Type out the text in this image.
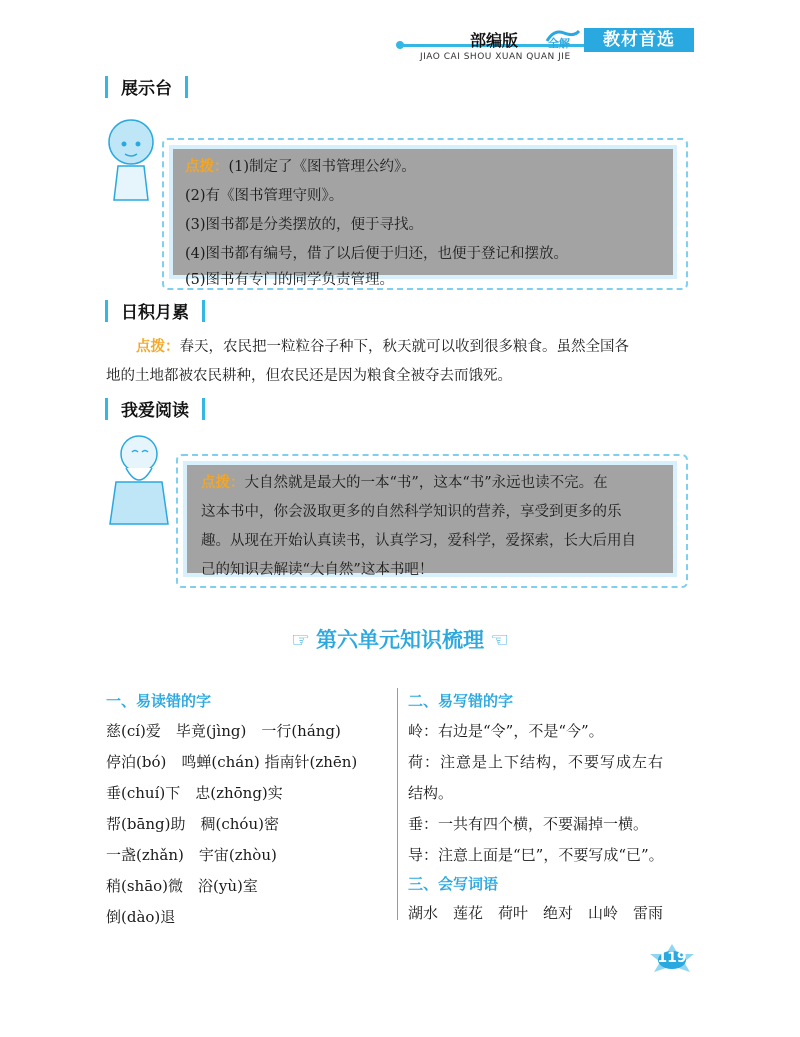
部编版	全解	教材首选
JIAO CAI SHOU XUAN QUAN JIE
展示台
点拨：(1)制定了《图书管理公约》。
(2)有《图书管理守则》。
(3)图书都是分类摆放的，便于寻找。
(4)图书都有编号，借了以后便于归还，也便于登记和摆放。
(5)图书有专门的同学负责管理。
日积月累
点拨：春天，农民把一粒粒谷子种下，秋天就可以收到很多粮食。虽然全国各
地的土地都被农民耕种，但农民还是因为粮食全被夺去而饿死。
我爱阅读
点拨：大自然就是最大的一本“书”，这本“书”永远也读不完。在
这本书中，你会汲取更多的自然科学知识的营养，享受到更多的乐
趣。从现在开始认真读书，认真学习，爱科学，爱探索，长大后用自
己的知识去解读“大自然”这本书吧！
☞ 第六单元知识梳理 ☜
一、易读错的字
慈(cí)爱　毕竟(jìng)　一行(háng)
停泊(bó)　鸣蝉(chán) 指南针(zhēn)
垂(chuí)下　忠(zhōng)实
帮(bāng)助　稠(chóu)密
一盏(zhǎn)　宇宙(zhòu)
稍(shāo)微　浴(yù)室
倒(dào)退
二、易写错的字
岭：右边是“令”，不是“今”。
荷：注意是上下结构，不要写成左右
结构。
垂：一共有四个横，不要漏掉一横。
导：注意上面是“巳”，不要写成“已”。
三、会写词语
湖水　莲花　荷叶　绝对　山岭　雷雨
119
